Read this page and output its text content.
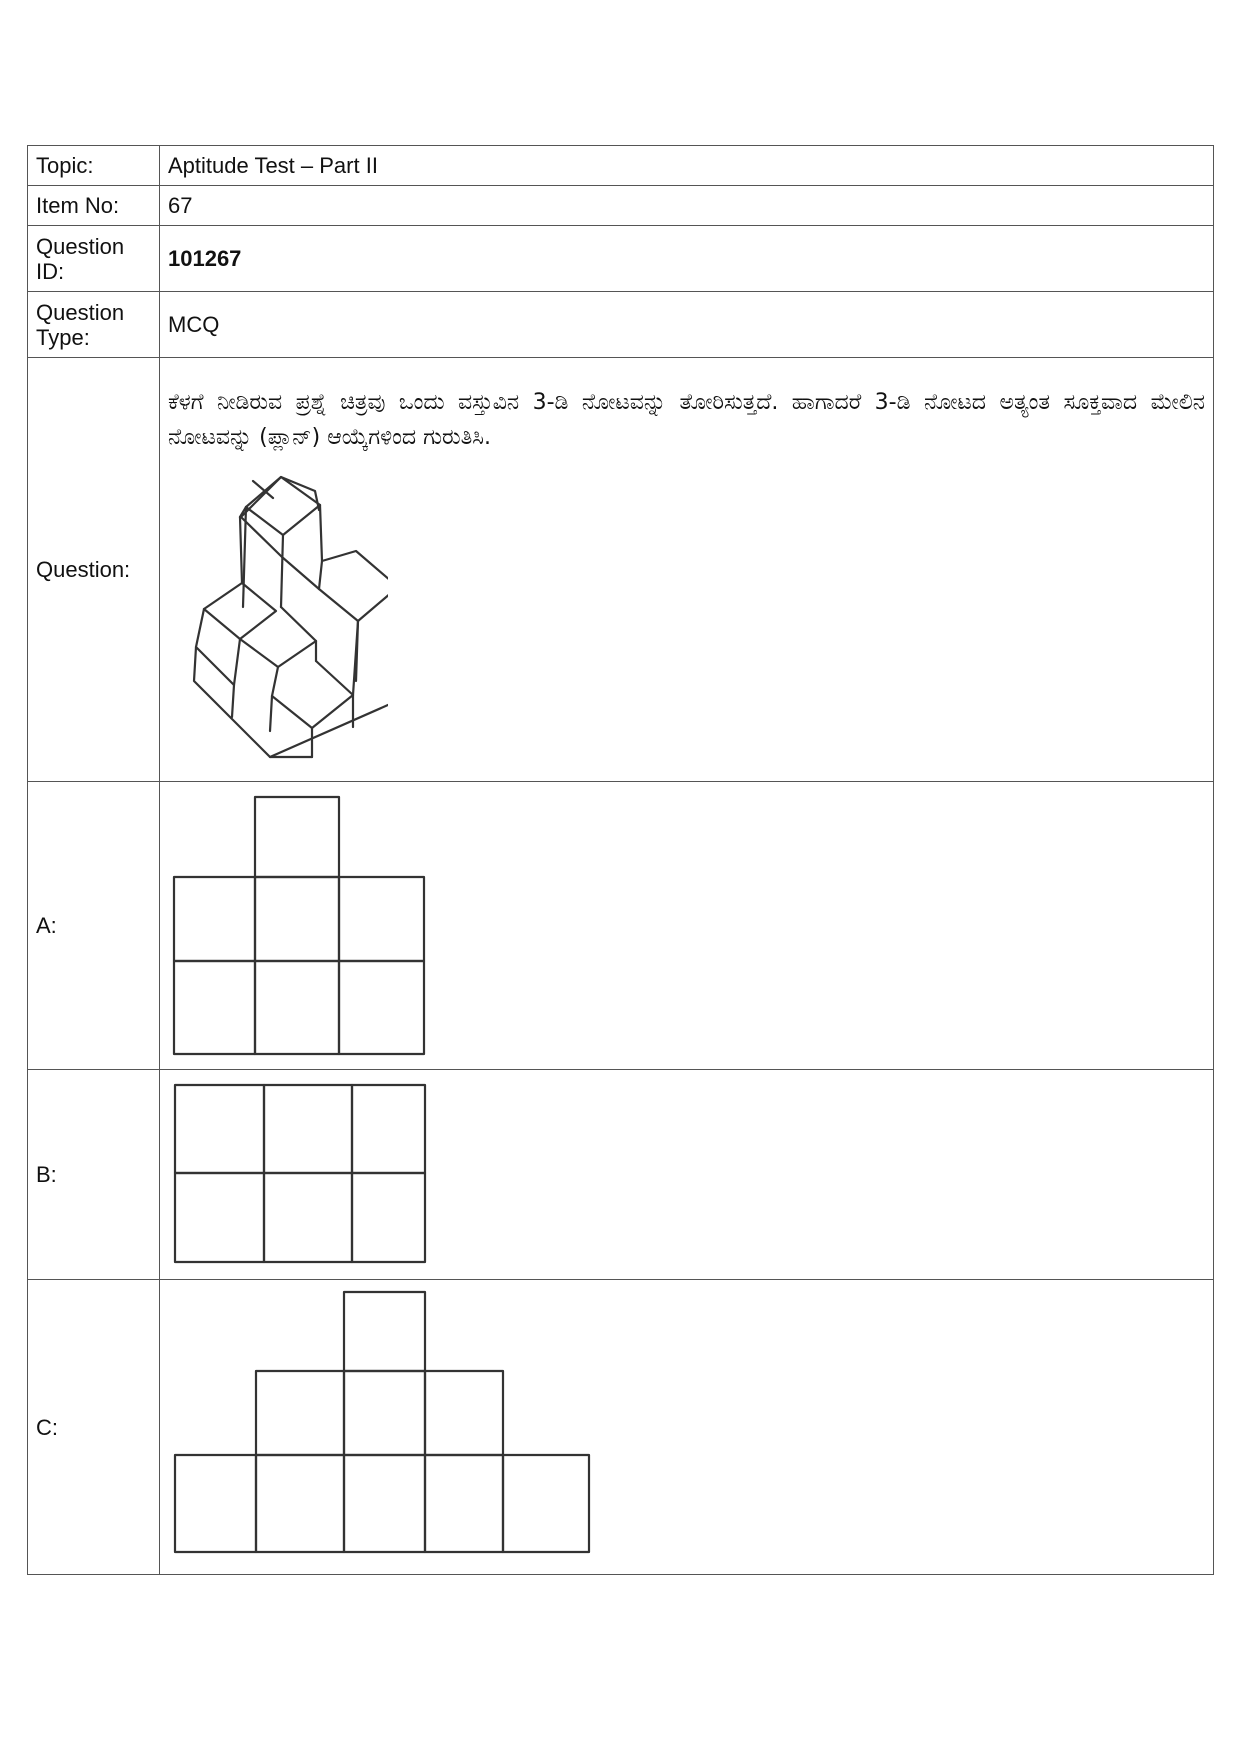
Topic:	Aptitude Test – Part II
Item No:	67
Question ID:	101267
Question Type:	MCQ
Question:	ಕೆಳಗೆ ನೀಡಿರುವ ಪ್ರಶ್ನೆ ಚಿತ್ರವು ಒಂದು ವಸ್ತುವಿನ 3-ಡಿ ನೋಟವನ್ನು ತೋರಿಸುತ್ತದೆ. ಹಾಗಾದರೆ 3-ಡಿ ನೋಟದ ಅತ್ಯಂತ ಸೂಕ್ತವಾದ ಮೇಲಿನ ನೋಟವನ್ನು (ಪ್ಲಾನ್) ಆಯ್ಕೆಗಳಿಂದ ಗುರುತಿಸಿ.

A:	

B:	

C:	
